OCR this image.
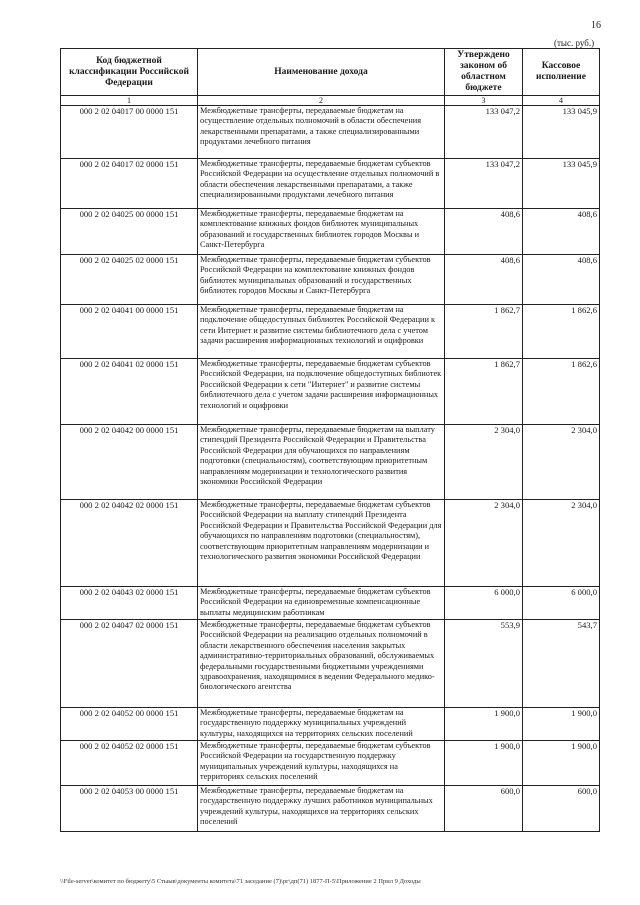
16
(тыс. руб.)
Код бюджетной классификации Российской Федерации	Наименование дохода	Утверждено законом об областном бюджете	Кассовое исполнение
1	2	3	4
000 2 02 04017 00 0000 151	Межбюджетные трансферты, передаваемые бюджетам на осуществление отдельных полномочий в области обеспечения лекарственными препаратами, а также специализированными продуктами лечебного питания	133 047,2	133 045,9
000 2 02 04017 02 0000 151	Межбюджетные трансферты, передаваемые бюджетам субъектов Российской Федерации на осуществление отдельных полномочий в области обеспечения лекарственными препаратами, а также специализированными продуктами лечебного питания	133 047,2	133 045,9
000 2 02 04025 00 0000 151	Межбюджетные трансферты, передаваемые бюджетам на комплектование книжных фондов библиотек муниципальных образований и государственных библиотек городов Москвы и Санкт-Петербурга	408,6	408,6
000 2 02 04025 02 0000 151	Межбюджетные трансферты, передаваемые бюджетам субъектов Российской Федерации на комплектование книжных фондов библиотек муниципальных образований и государственных библиотек городов Москвы и Санкт-Петербурга	408,6	408,6
000 2 02 04041 00 0000 151	Межбюджетные трансферты, передаваемые бюджетам на подключение общедоступных библиотек Российской Федерации к сети Интернет и развитие системы библиотечного дела с учетом задачи расширения информационных технологий и оцифровки	1 862,7	1 862,6
000 2 02 04041 02 0000 151	Межбюджетные трансферты, передаваемые бюджетам субъектов Российской Федерации, на подключение общедоступных библиотек Российской Федерации к сети "Интернет" и развитие системы библиотечного дела с учетом задачи расширения информационных технологий и оцифровки	1 862,7	1 862,6
000 2 02 04042 00 0000 151	Межбюджетные трансферты, передаваемые бюджетам на выплату стипендий Президента Российской Федерации и Правительства Российской Федерации для обучающихся по направлениям подготовки (специальностям), соответствующим приоритетным направлениям модернизации и технологического развития экономики Российской Федерации	2 304,0	2 304,0
000 2 02 04042 02 0000 151	Межбюджетные трансферты, передаваемые бюджетам субъектов Российской Федерации на выплату стипендий Президента Российской Федерации и Правительства Российской Федерации для обучающихся по направлениям подготовки (специальностям), соответствующим приоритетным направлениям модернизации и технологического развития экономики Российской Федерации	2 304,0	2 304,0
000 2 02 04043 02 0000 151	Межбюджетные трансферты, передаваемые бюджетам субъектов Российской Федерации на единовременные компенсационные выплаты медицинским работникам	6 000,0	6 000,0
000 2 02 04047 02 0000 151	Межбюджетные трансферты, передаваемые бюджетам субъектов Российской Федерации на реализацию отдельных полномочий в области лекарственного обеспечения населения закрытых административно-территориальных образований, обслуживаемых федеральными государственными бюджетными учреждениями здравоохранения, находящимися в ведении Федерального медико-биологического агентства	553,9	543,7
000 2 02 04052 00 0000 151	Межбюджетные трансферты, передаваемые бюджетам на государственную поддержку муниципальных учреждений культуры, находящихся на территориях сельских поселений	1 900,0	1 900,0
000 2 02 04052 02 0000 151	Межбюджетные трансферты, передаваемые бюджетам субъектов Российской Федерации на государственную поддержку муниципальных учреждений культуры, находящихся на территориях сельских поселений	1 900,0	1 900,0
000 2 02 04053 00 0000 151	Межбюджетные трансферты, передаваемые бюджетам на государственную поддержку лучших работников муниципальных учреждений культуры, находящихся на территориях сельских поселений	600,0	600,0
\\File-server\комитет по бюджету\5 Стыыв\документы комитета\71 заседание (7)\рг\дп(71) 1877-П-5\Приложение 2 Прил 9 Доходы
